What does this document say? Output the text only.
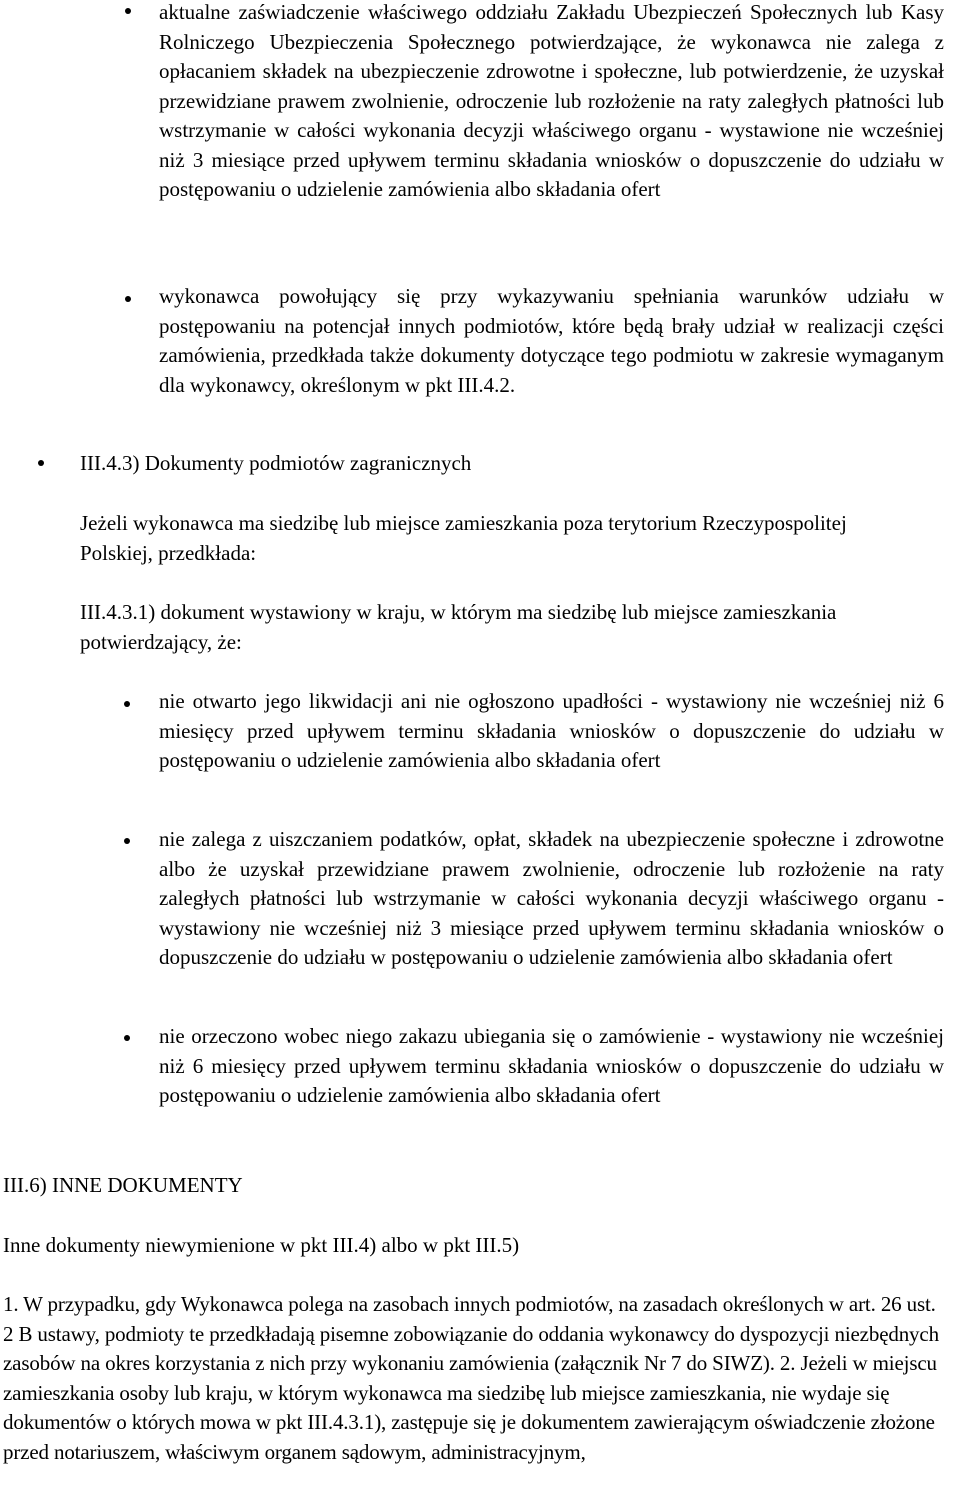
aktualne zaświadczenie właściwego oddziału Zakładu Ubezpieczeń Społecznych lub Kasy Rolniczego Ubezpieczenia Społecznego potwierdzające, że wykonawca nie zalega z opłacaniem składek na ubezpieczenie zdrowotne i społeczne, lub potwierdzenie, że uzyskał przewidziane prawem zwolnienie, odroczenie lub rozłożenie na raty zaległych płatności lub wstrzymanie w całości wykonania decyzji właściwego organu - wystawione nie wcześniej niż 3 miesiące przed upływem terminu składania wniosków o dopuszczenie do udziału w postępowaniu o udzielenie zamówienia albo składania ofert

wykonawca powołujący się przy wykazywaniu spełniania warunków udziału w postępowaniu na potencjał innych podmiotów, które będą brały udział w realizacji części zamówienia, przedkłada także dokumenty dotyczące tego podmiotu w zakresie wymaganym dla wykonawcy, określonym w pkt III.4.2.

III.4.3) Dokumenty podmiotów zagranicznych

Jeżeli wykonawca ma siedzibę lub miejsce zamieszkania poza terytorium Rzeczypospolitej Polskiej, przedkłada:

III.4.3.1) dokument wystawiony w kraju, w którym ma siedzibę lub miejsce zamieszkania potwierdzający, że:

nie otwarto jego likwidacji ani nie ogłoszono upadłości - wystawiony nie wcześniej niż 6 miesięcy przed upływem terminu składania wniosków o dopuszczenie do udziału w postępowaniu o udzielenie zamówienia albo składania ofert

nie zalega z uiszczaniem podatków, opłat, składek na ubezpieczenie społeczne i zdrowotne albo że uzyskał przewidziane prawem zwolnienie, odroczenie lub rozłożenie na raty zaległych płatności lub wstrzymanie w całości wykonania decyzji właściwego organu - wystawiony nie wcześniej niż 3 miesiące przed upływem terminu składania wniosków o dopuszczenie do udziału w postępowaniu o udzielenie zamówienia albo składania ofert

nie orzeczono wobec niego zakazu ubiegania się o zamówienie - wystawiony nie wcześniej niż 6 miesięcy przed upływem terminu składania wniosków o dopuszczenie do udziału w postępowaniu o udzielenie zamówienia albo składania ofert

III.6) INNE DOKUMENTY

Inne dokumenty niewymienione w pkt III.4) albo w pkt III.5)

1. W przypadku, gdy Wykonawca polega na zasobach innych podmiotów, na zasadach określonych w art. 26 ust. 2 B ustawy, podmioty te przedkładają pisemne zobowiązanie do oddania wykonawcy do dyspozycji niezbędnych zasobów na okres korzystania z nich przy wykonaniu zamówienia (załącznik Nr 7 do SIWZ). 2. Jeżeli w miejscu zamieszkania osoby lub kraju, w którym wykonawca ma siedzibę lub miejsce zamieszkania, nie wydaje się dokumentów o których mowa w pkt III.4.3.1), zastępuje się je dokumentem zawierającym oświadczenie złożone przed notariuszem, właściwym organem sądowym, administracyjnym,
